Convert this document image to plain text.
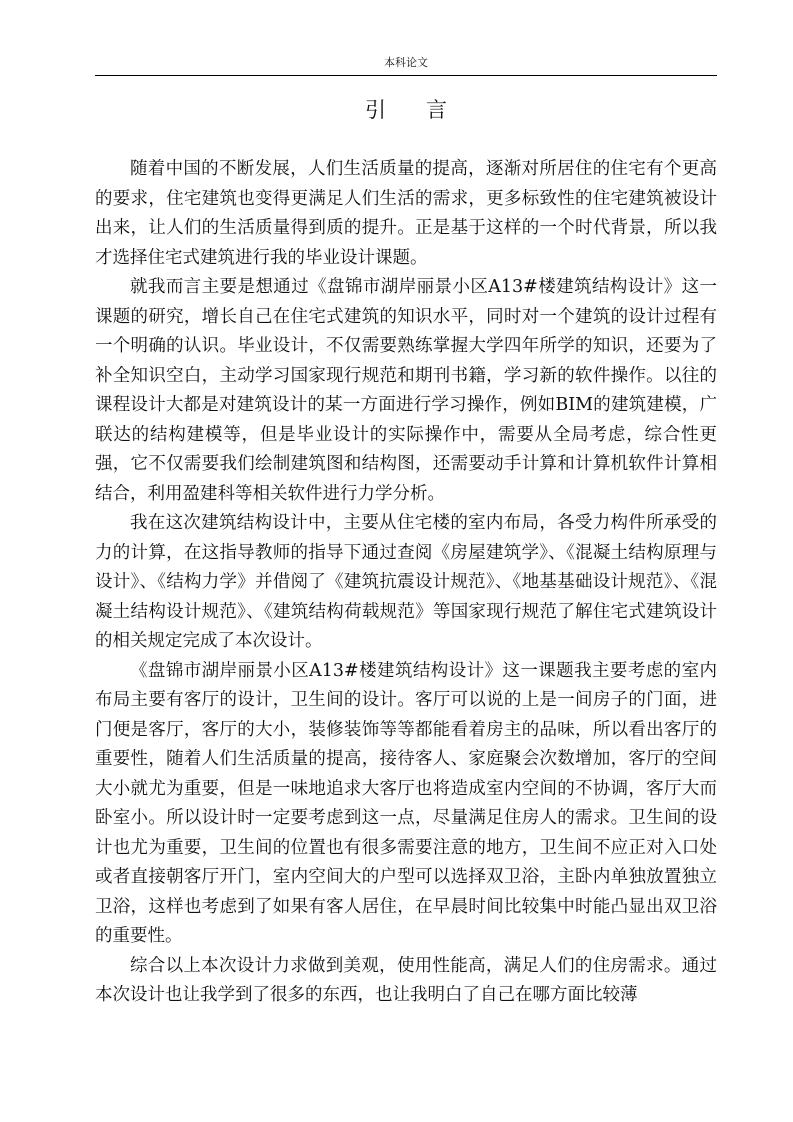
本科论文
引言

随着中国的不断发展，人们生活质量的提高，逐渐对所居住的住宅有个更高的要求，住宅建筑也变得更满足人们生活的需求，更多标致性的住宅建筑被设计出来，让人们的生活质量得到质的提升。正是基于这样的一个时代背景，所以我才选择住宅式建筑进行我的毕业设计课题。

就我而言主要是想通过《盘锦市湖岸丽景小区A13#楼建筑结构设计》这一课题的研究，增长自己在住宅式建筑的知识水平，同时对一个建筑的设计过程有一个明确的认识。毕业设计，不仅需要熟练掌握大学四年所学的知识，还要为了补全知识空白，主动学习国家现行规范和期刊书籍，学习新的软件操作。以往的课程设计大都是对建筑设计的某一方面进行学习操作，例如BIM的建筑建模，广联达的结构建模等，但是毕业设计的实际操作中，需要从全局考虑，综合性更强，它不仅需要我们绘制建筑图和结构图，还需要动手计算和计算机软件计算相结合，利用盈建科等相关软件进行力学分析。

我在这次建筑结构设计中，主要从住宅楼的室内布局，各受力构件所承受的力的计算，在这指导教师的指导下通过查阅《房屋建筑学》、《混凝土结构原理与设计》、《结构力学》并借阅了《建筑抗震设计规范》、《地基基础设计规范》、《混凝土结构设计规范》、《建筑结构荷载规范》等国家现行规范了解住宅式建筑设计的相关规定完成了本次设计。

《盘锦市湖岸丽景小区A13#楼建筑结构设计》这一课题我主要考虑的室内布局主要有客厅的设计，卫生间的设计。客厅可以说的上是一间房子的门面，进门便是客厅，客厅的大小，装修装饰等等都能看着房主的品味，所以看出客厅的重要性，随着人们生活质量的提高，接待客人、家庭聚会次数增加，客厅的空间大小就尤为重要，但是一味地追求大客厅也将造成室内空间的不协调，客厅大而卧室小。所以设计时一定要考虑到这一点，尽量满足住房人的需求。卫生间的设计也尤为重要，卫生间的位置也有很多需要注意的地方，卫生间不应正对入口处或者直接朝客厅开门，室内空间大的户型可以选择双卫浴，主卧内单独放置独立卫浴，这样也考虑到了如果有客人居住，在早晨时间比较集中时能凸显出双卫浴的重要性。

综合以上本次设计力求做到美观，使用性能高，满足人们的住房需求。通过本次设计也让我学到了很多的东西，也让我明白了自己在哪方面比较薄
